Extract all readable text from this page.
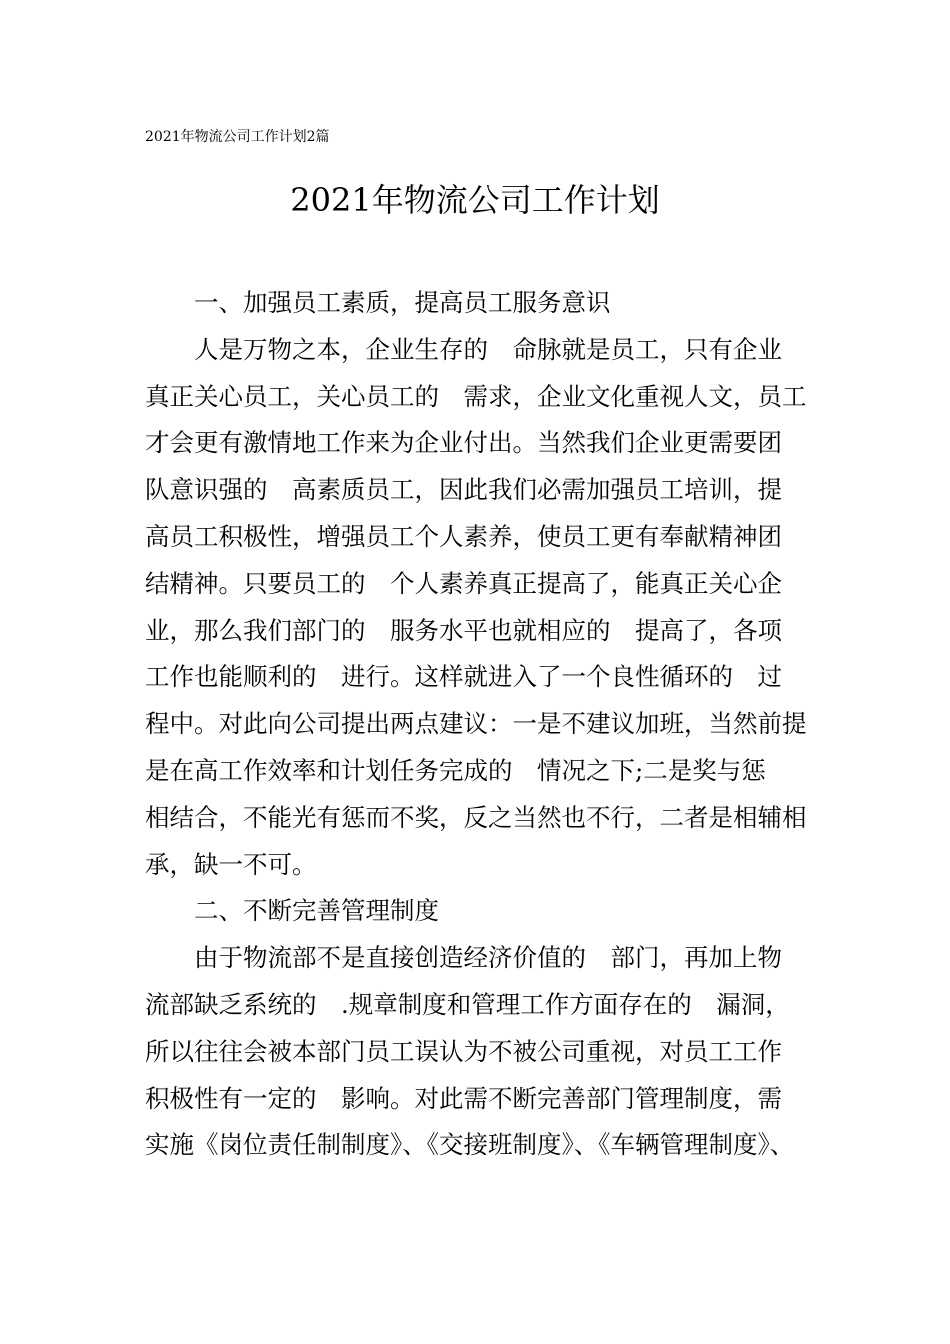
2021年物流公司工作计划2篇
2021年物流公司工作计划
一、加强员工素质，提高员工服务意识
人是万物之本，企业生存的　命脉就是员工，只有企业
真正关心员工，关心员工的　需求，企业文化重视人文，员工
才会更有激情地工作来为企业付出。当然我们企业更需要团
队意识强的　高素质员工，因此我们必需加强员工培训，提
高员工积极性，增强员工个人素养，使员工更有奉献精神团
结精神。只要员工的　个人素养真正提高了，能真正关心企
业，那么我们部门的　服务水平也就相应的　提高了，各项
工作也能顺利的　进行。这样就进入了一个良性循环的　过
程中。对此向公司提出两点建议：一是不建议加班，当然前提
是在高工作效率和计划任务完成的　情况之下;二是奖与惩
相结合，不能光有惩而不奖，反之当然也不行，二者是相辅相
承，缺一不可。
二、不断完善管理制度
由于物流部不是直接创造经济价值的　部门，再加上物
流部缺乏系统的　.规章制度和管理工作方面存在的　漏洞，
所以往往会被本部门员工误认为不被公司重视，对员工工作
积极性有一定的　影响。对此需不断完善部门管理制度，需
实施《岗位责任制制度》、《交接班制度》、《车辆管理制度》、
